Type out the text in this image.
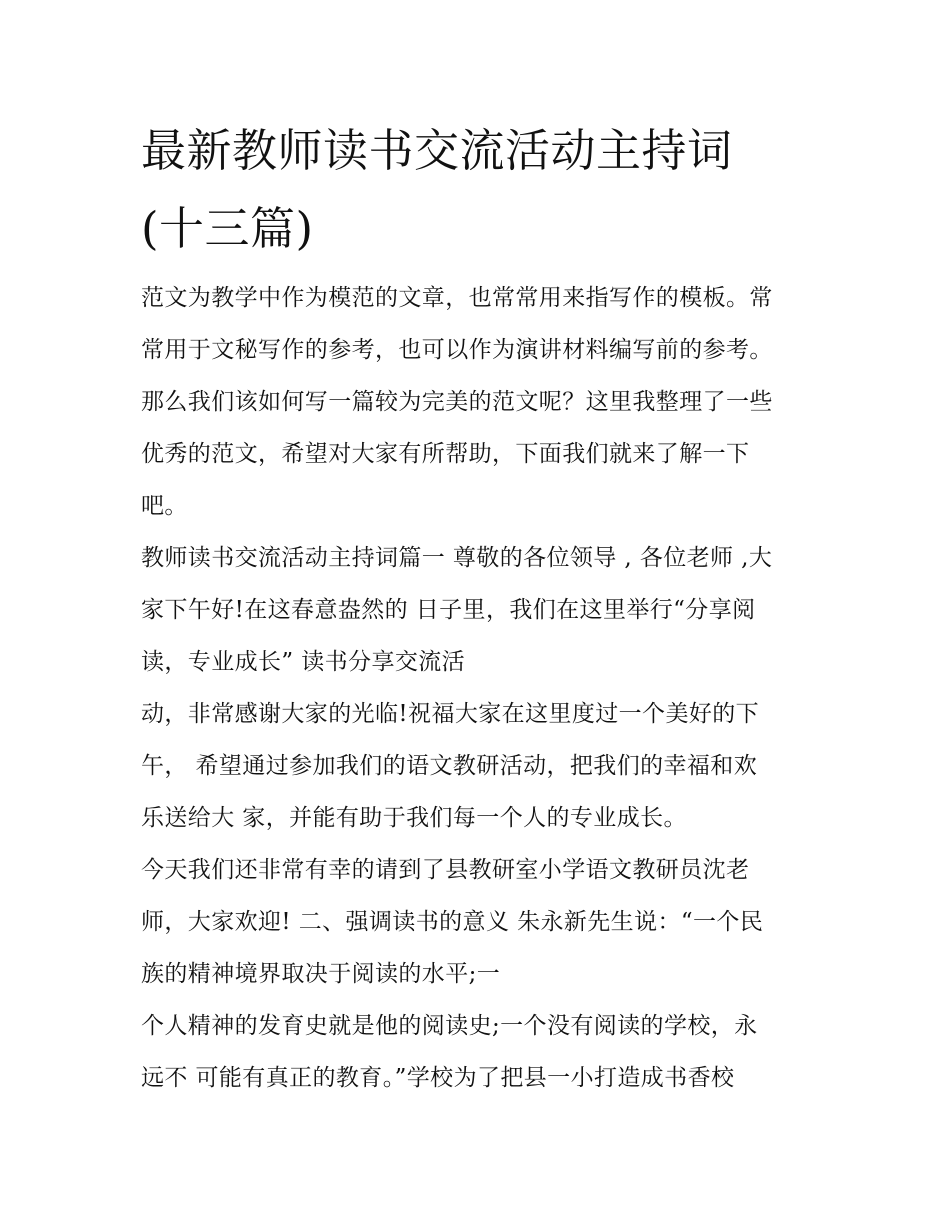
最新教师读书交流活动主持词
(十三篇)
范文为教学中作为模范的文章，也常常用来指写作的模板。常
常用于文秘写作的参考，也可以作为演讲材料编写前的参考。
那么我们该如何写一篇较为完美的范文呢？这里我整理了一些
优秀的范文，希望对大家有所帮助，下面我们就来了解一下
吧。
教师读书交流活动主持词篇一 尊敬的各位领导 , 各位老师 ,大
家下午好!在这春意盎然的 日子里，我们在这里举行“分享阅
读，专业成长” 读书分享交流活
动，非常感谢大家的光临!祝福大家在这里度过一个美好的下
午， 希望通过参加我们的语文教研活动，把我们的幸福和欢
乐送给大 家，并能有助于我们每一个人的专业成长。
今天我们还非常有幸的请到了县教研室小学语文教研员沈老
师，大家欢迎! 二、强调读书的意义 朱永新先生说：“一个民
族的精神境界取决于阅读的水平;一
个人精神的发育史就是他的阅读史;一个没有阅读的学校，永
远不 可能有真正的教育。”学校为了把县一小打造成书香校
